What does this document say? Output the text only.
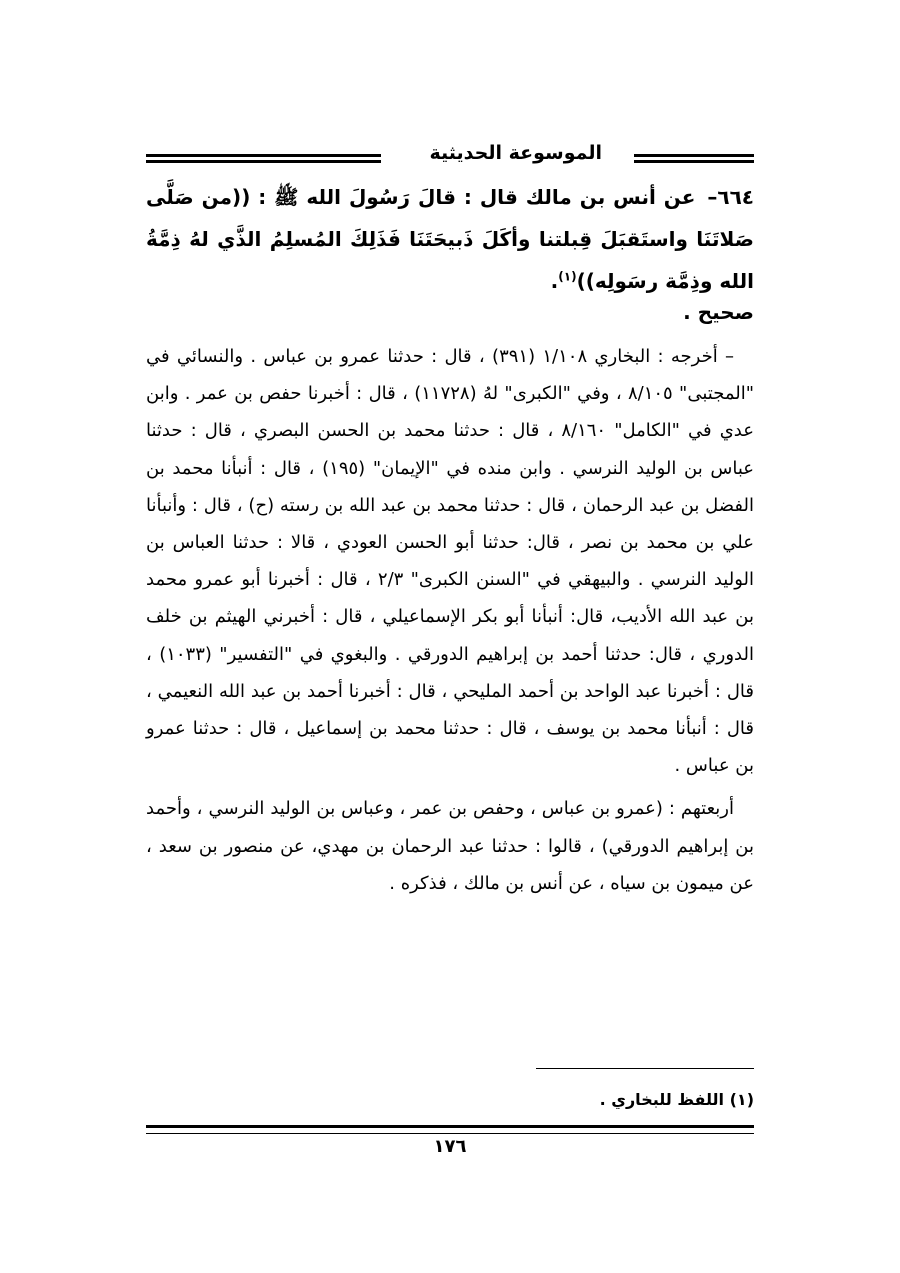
الموسوعة الحديثية

٦٦٤– عن أنس بن مالك قال : قالَ رَسُولَ الله ﷺ : ((من صَلَّى صَلاتَنَا واستَقبَلَ قِبلتنا وأكَلَ ذَبيحَتَنَا فَذَلِكَ المُسلِمُ الذَّي لهُ ذِمَّةُ الله وذِمَّة رسَولِه))$^{(١)}$.

صحيح .

– أخرجه : البخاري ١/١٠٨ (٣٩١) ، قال : حدثنا عمرو بن عباس . والنسائي في "المجتبى" ٨/١٠٥ ، وفي "الكبرى" لهُ (١١٧٢٨) ، قال : أخبرنا حفص بن عمر . وابن عدي في "الكامل" ٨/١٦٠ ، قال : حدثنا محمد بن الحسن البصري ، قال : حدثنا عباس بن الوليد النرسي . وابن منده في "الإيمان" (١٩٥) ، قال : أنبأنا محمد بن الفضل بن عبد الرحمان ، قال : حدثنا محمد بن عبد الله بن رسته (ح) ، قال : وأنبأنا علي بن محمد بن نصر ، قال: حدثنا أبو الحسن العودي ، قالا : حدثنا العباس بن الوليد النرسي . والبيهقي في "السنن الكبرى" ٢/٣ ، قال : أخبرنا أبو عمرو محمد بن عبد الله الأديب، قال: أنبأنا أبو بكر الإسماعيلي ، قال : أخبرني الهيثم بن خلف الدوري ، قال: حدثنا أحمد بن إبراهيم الدورقي . والبغوي في "التفسير" (١٠٣٣) ، قال : أخبرنا عبد الواحد بن أحمد المليحي ، قال : أخبرنا أحمد بن عبد الله النعيمي ، قال : أنبأنا محمد بن يوسف ، قال : حدثنا محمد بن إسماعيل ، قال : حدثنا عمرو بن عباس .

أربعتهم : (عمرو بن عباس ، وحفص بن عمر ، وعباس بن الوليد النرسي ، وأحمد بن إبراهيم الدورقي) ، قالوا : حدثنا عبد الرحمان بن مهدي، عن منصور بن سعد ، عن ميمون بن سياه ، عن أنس بن مالك ، فذكره .

(١) اللفظ للبخاري .

١٧٦
